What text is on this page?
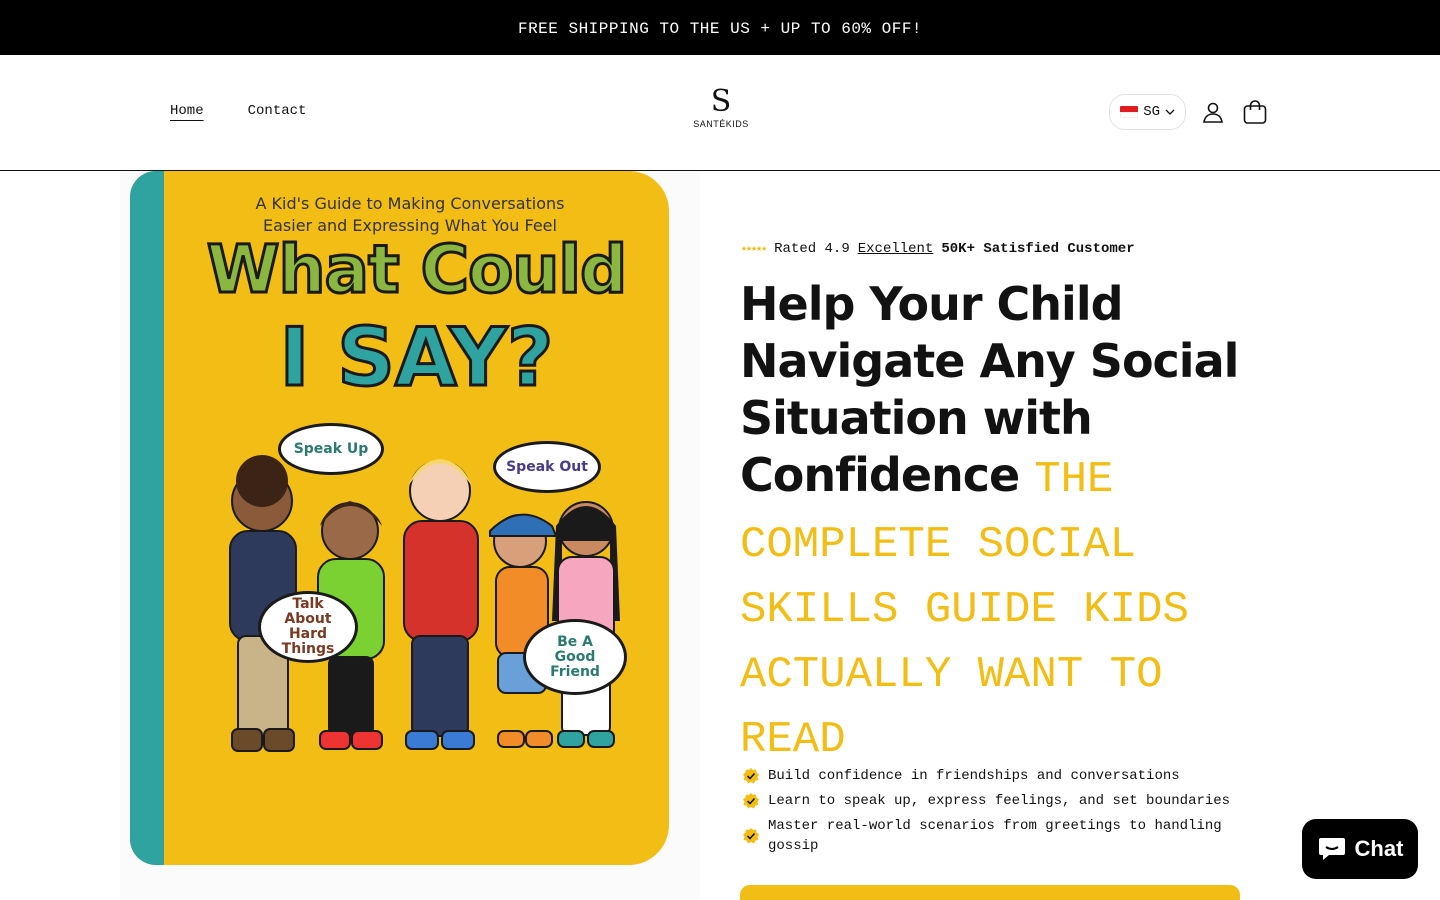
FREE SHIPPING TO THE US + UP TO 60% OFF!
Home	Contact	S
SANTÉKIDS
SG
A Kid's Guide to Making Conversations
Easier and Expressing What You Feel
What Could
I SAY?
Speak Up
Speak Out
Talk About Hard Things	Be A Good Friend
★★★★★ Rated 4.9 Excellent 50K+ Satisfied Customer
Help Your Child
Navigate Any Social
Situation with
Confidence THE COMPLETE SOCIAL SKILLS GUIDE KIDS ACTUALLY WANT TO READ
Build confidence in friendships and conversations
Learn to speak up, express feelings, and set boundaries
Master real-world scenarios from greetings to handling gossip	Chat
